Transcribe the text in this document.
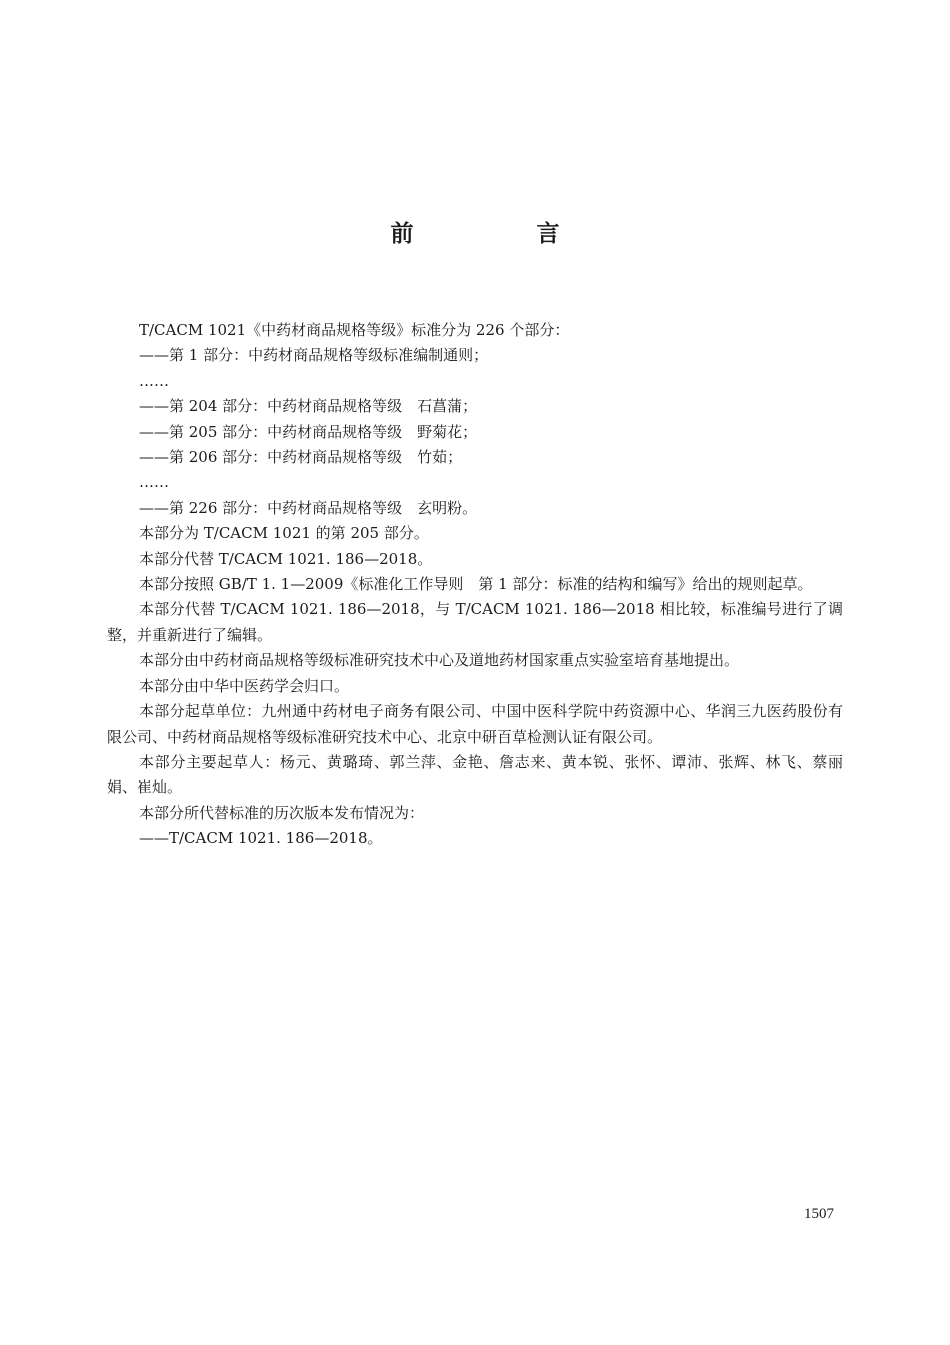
前　言

T/CACM 1021《中药材商品规格等级》标准分为 226 个部分：

——第 1 部分：中药材商品规格等级标准编制通则；

……

——第 204 部分：中药材商品规格等级　石菖蒲；

——第 205 部分：中药材商品规格等级　野菊花；

——第 206 部分：中药材商品规格等级　竹茹；

……

——第 226 部分：中药材商品规格等级　玄明粉。

本部分为 T/CACM 1021 的第 205 部分。

本部分代替 T/CACM 1021. 186—2018。

本部分按照 GB/T 1. 1—2009《标准化工作导则　第 1 部分：标准的结构和编写》给出的规则起草。

本部分代替 T/CACM 1021. 186—2018，与 T/CACM 1021. 186—2018 相比较，标准编号进行了调整，并重新进行了编辑。

本部分由中药材商品规格等级标准研究技术中心及道地药材国家重点实验室培育基地提出。

本部分由中华中医药学会归口。

本部分起草单位：九州通中药材电子商务有限公司、中国中医科学院中药资源中心、华润三九医药股份有限公司、中药材商品规格等级标准研究技术中心、北京中研百草检测认证有限公司。

本部分主要起草人：杨元、黄璐琦、郭兰萍、金艳、詹志来、黄本锐、张怀、谭沛、张辉、林飞、蔡丽娟、崔灿。

本部分所代替标准的历次版本发布情况为：

——T/CACM 1021. 186—2018。

1507
